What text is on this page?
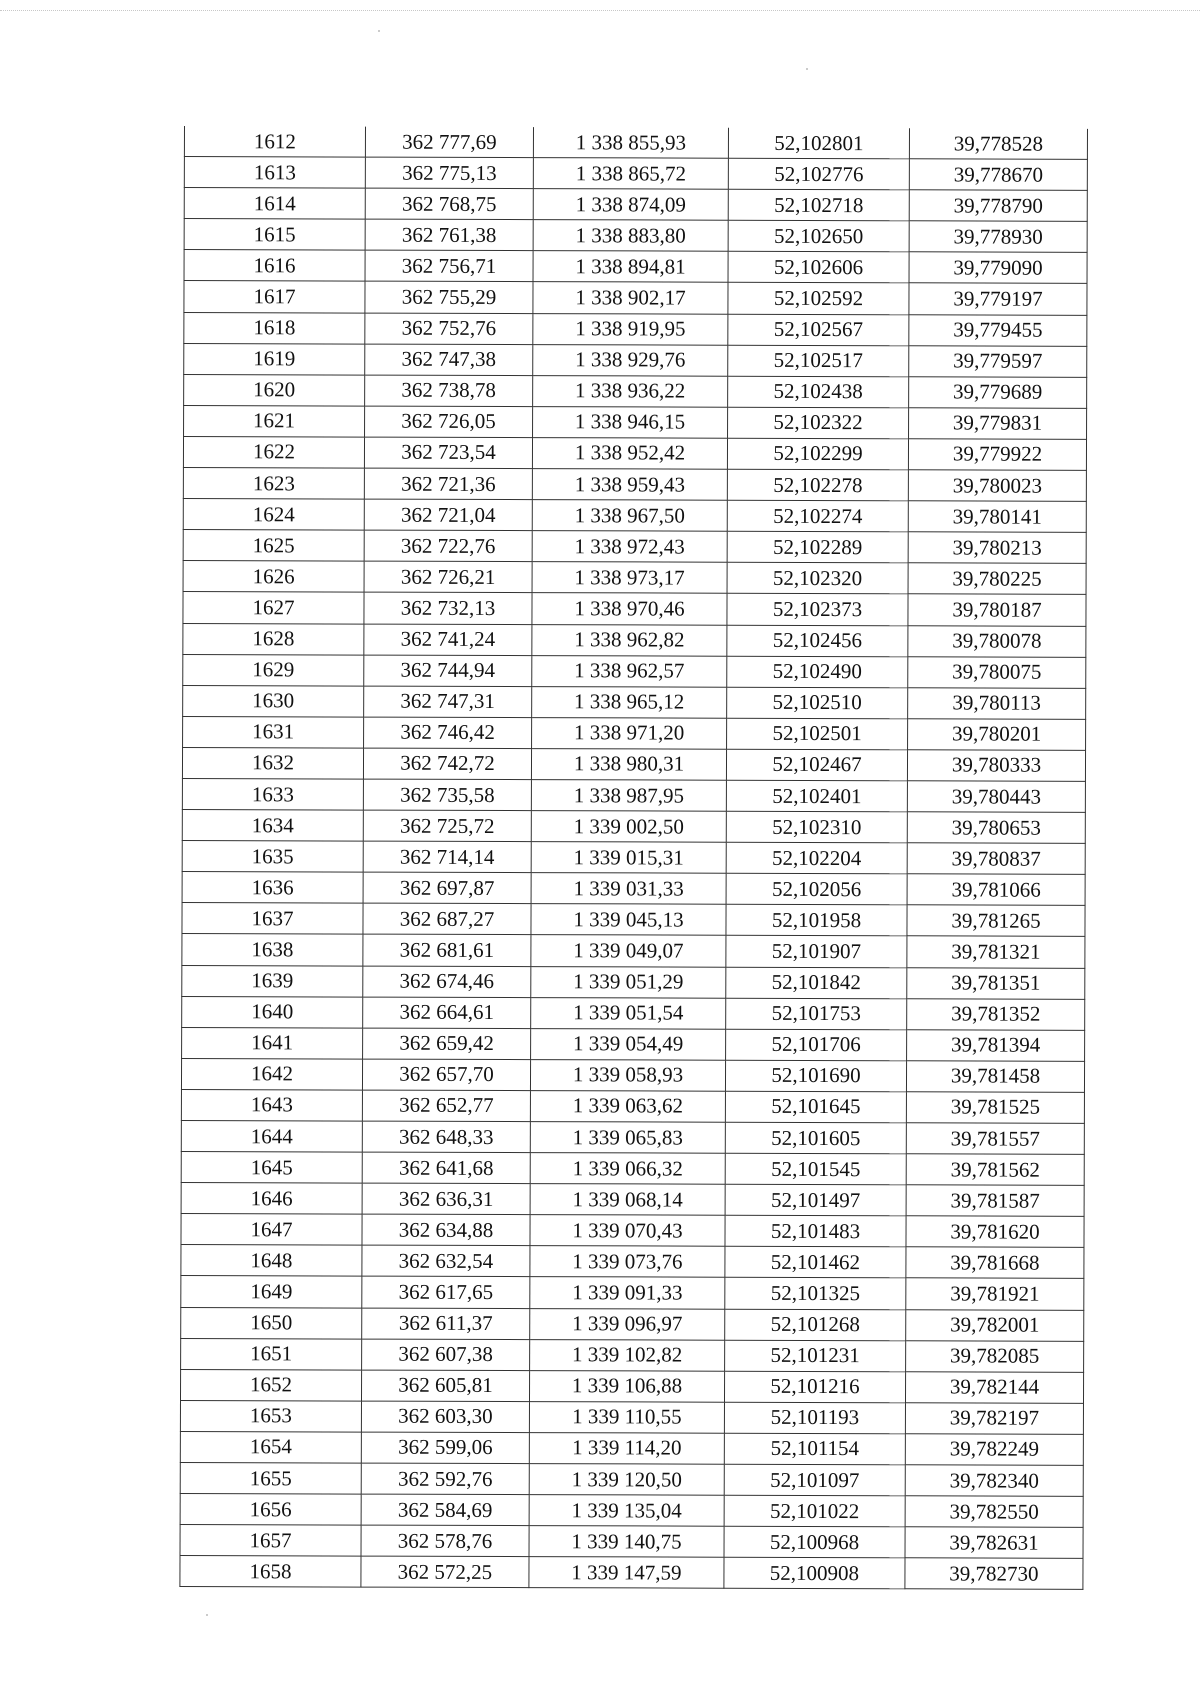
1612	362 777,69	1 338 855,93	52,102801	39,778528
1613	362 775,13	1 338 865,72	52,102776	39,778670
1614	362 768,75	1 338 874,09	52,102718	39,778790
1615	362 761,38	1 338 883,80	52,102650	39,778930
1616	362 756,71	1 338 894,81	52,102606	39,779090
1617	362 755,29	1 338 902,17	52,102592	39,779197
1618	362 752,76	1 338 919,95	52,102567	39,779455
1619	362 747,38	1 338 929,76	52,102517	39,779597
1620	362 738,78	1 338 936,22	52,102438	39,779689
1621	362 726,05	1 338 946,15	52,102322	39,779831
1622	362 723,54	1 338 952,42	52,102299	39,779922
1623	362 721,36	1 338 959,43	52,102278	39,780023
1624	362 721,04	1 338 967,50	52,102274	39,780141
1625	362 722,76	1 338 972,43	52,102289	39,780213
1626	362 726,21	1 338 973,17	52,102320	39,780225
1627	362 732,13	1 338 970,46	52,102373	39,780187
1628	362 741,24	1 338 962,82	52,102456	39,780078
1629	362 744,94	1 338 962,57	52,102490	39,780075
1630	362 747,31	1 338 965,12	52,102510	39,780113
1631	362 746,42	1 338 971,20	52,102501	39,780201
1632	362 742,72	1 338 980,31	52,102467	39,780333
1633	362 735,58	1 338 987,95	52,102401	39,780443
1634	362 725,72	1 339 002,50	52,102310	39,780653
1635	362 714,14	1 339 015,31	52,102204	39,780837
1636	362 697,87	1 339 031,33	52,102056	39,781066
1637	362 687,27	1 339 045,13	52,101958	39,781265
1638	362 681,61	1 339 049,07	52,101907	39,781321
1639	362 674,46	1 339 051,29	52,101842	39,781351
1640	362 664,61	1 339 051,54	52,101753	39,781352
1641	362 659,42	1 339 054,49	52,101706	39,781394
1642	362 657,70	1 339 058,93	52,101690	39,781458
1643	362 652,77	1 339 063,62	52,101645	39,781525
1644	362 648,33	1 339 065,83	52,101605	39,781557
1645	362 641,68	1 339 066,32	52,101545	39,781562
1646	362 636,31	1 339 068,14	52,101497	39,781587
1647	362 634,88	1 339 070,43	52,101483	39,781620
1648	362 632,54	1 339 073,76	52,101462	39,781668
1649	362 617,65	1 339 091,33	52,101325	39,781921
1650	362 611,37	1 339 096,97	52,101268	39,782001
1651	362 607,38	1 339 102,82	52,101231	39,782085
1652	362 605,81	1 339 106,88	52,101216	39,782144
1653	362 603,30	1 339 110,55	52,101193	39,782197
1654	362 599,06	1 339 114,20	52,101154	39,782249
1655	362 592,76	1 339 120,50	52,101097	39,782340
1656	362 584,69	1 339 135,04	52,101022	39,782550
1657	362 578,76	1 339 140,75	52,100968	39,782631
1658	362 572,25	1 339 147,59	52,100908	39,782730
